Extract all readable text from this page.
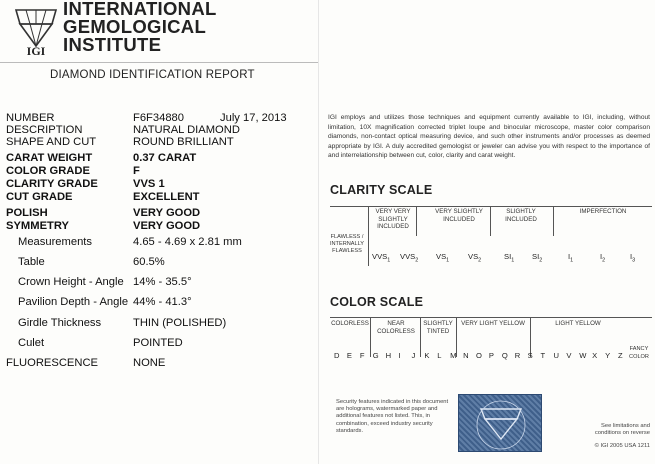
IGI
INTERNATIONAL
GEMOLOGICAL
INSTITUTE
DIAMOND IDENTIFICATION REPORT
NUMBER	F6F34880	July 17, 2013
DESCRIPTION	NATURAL DIAMOND
SHAPE AND CUT	ROUND BRILLIANT
CARAT WEIGHT	0.37 CARAT
COLOR GRADE	F
CLARITY GRADE	VVS 1
CUT GRADE	EXCELLENT
POLISH	VERY GOOD
SYMMETRY	VERY GOOD
Measurements	4.65 - 4.69 x 2.81 mm
Table	60.5%
Crown Height - Angle 14% - 35.5°
Pavilion Depth - Angle 44% - 41.3°
Girdle Thickness	THIN (POLISHED)
Culet	POINTED
FLUORESCENCE	NONE
IGI employs and utilizes those techniques and equipment currently available to IGI, including, without limitation, 10X magnification corrected triplet loupe and binocular microscope, master color comparison diamonds, non-contact optical measuring device, and such other instruments and/or processes as deemed appropriate by IGI. A duly accredited gemologist or jeweler can advise you with respect to the importance of and interrelationship between cut, color, clarity and carat weight.
CLARITY SCALE
VERY VERY SLIGHTLY INCLUDED
VERY SLIGHTLY INCLUDED
SLIGHTLY INCLUDED
IMPERFECTION
FLAWLESS / INTERNALLY FLAWLESS
$VVS_1$ $VVS_2$ $VS_1$ $VS_2$	$SI_1$ $SI_2$	$I_1$	$I_2$	$I_3$
COLOR SCALE
COLORLESS	NEAR COLORLESS
SLIGHTLY TINTED
VERY LIGHT YELLOW	LIGHT YELLOW
FANCY COLOR
D E F G H I J K L M N O P Q R S T U V W X Y Z
Security features indicated in this document are holograms, watermarked paper and additional features not listed. This, in combination, exceed industry security standards.
See limitations and conditions on reverse
© IGI 2005 USA 1211
